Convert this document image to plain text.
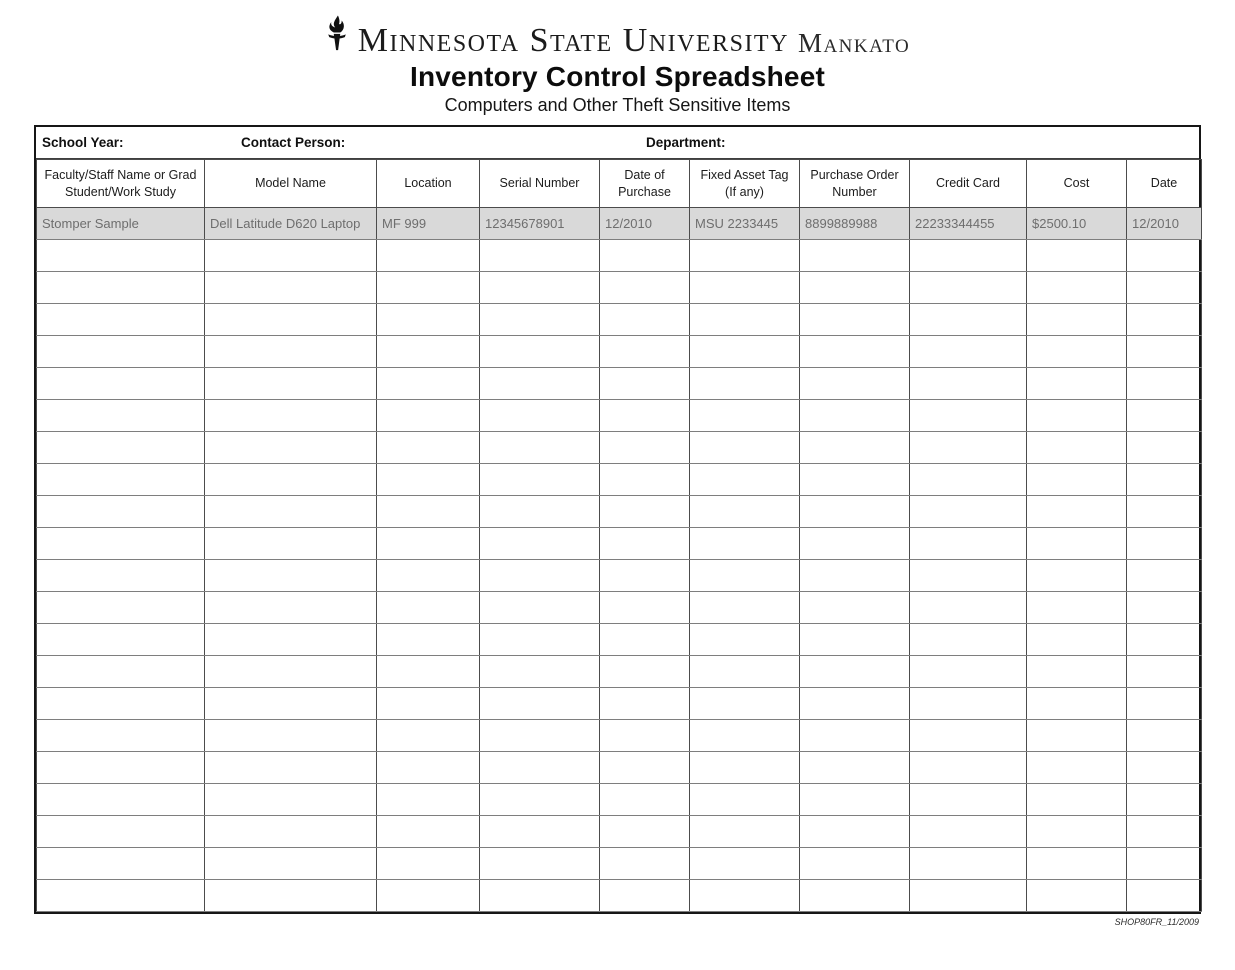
Minnesota State University Mankato
Inventory Control Spreadsheet
Computers and Other Theft Sensitive Items
School Year:	Contact Person:	Department:
Faculty/Staff Name or Grad Student/Work Study	Model Name	Location	Serial Number	Date of Purchase	Fixed Asset Tag (If any)	Purchase Order Number	Credit Card	Cost	Date
Stomper Sample	Dell Latitude D620 Laptop	MF 999	12345678901	12/2010	MSU 2233445	8899889988	22233344455	$2500.10	12/2010

SHOP80FR_11/2009
